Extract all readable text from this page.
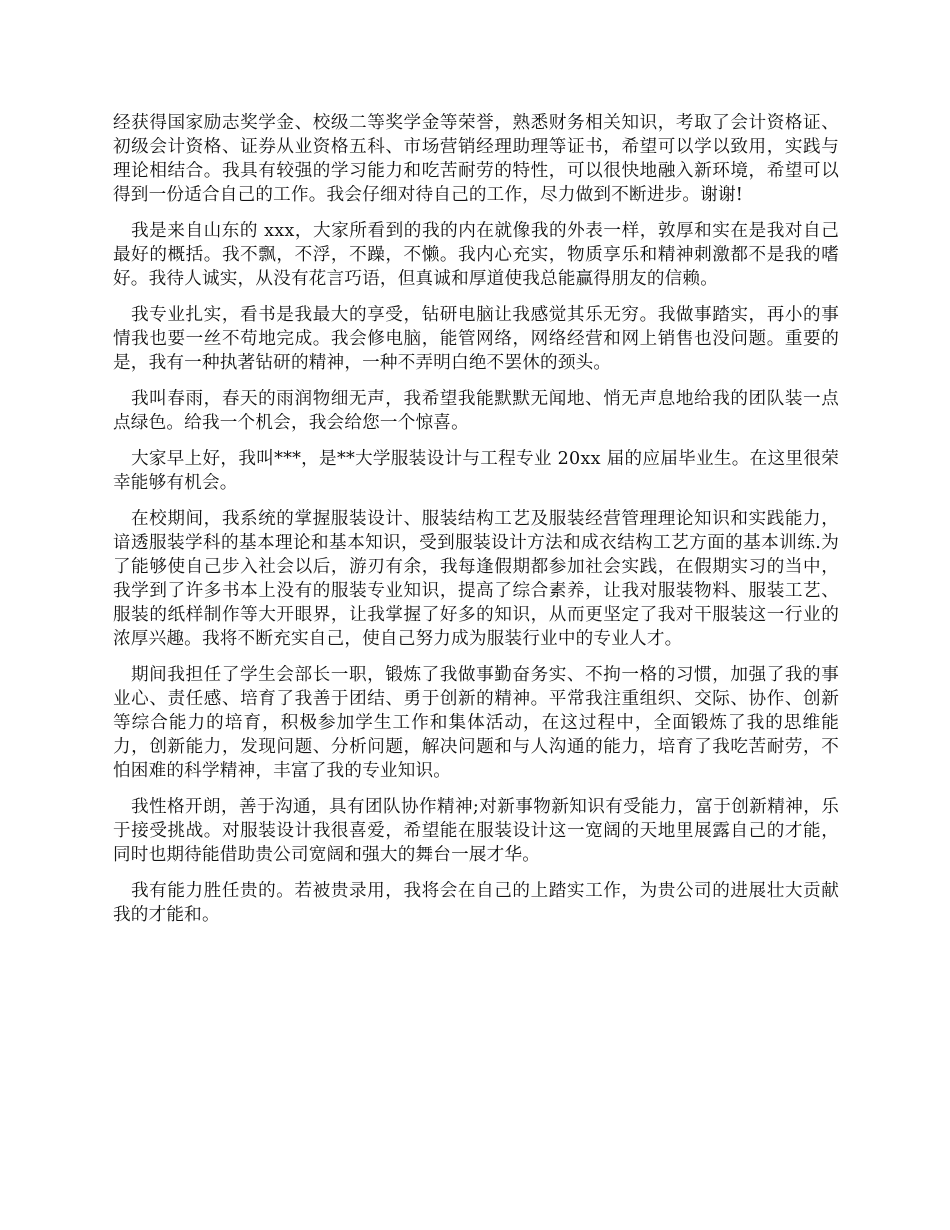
经获得国家励志奖学金、校级二等奖学金等荣誉，熟悉财务相关知识，考取了会计资格证、初级会计资格、证券从业资格五科、市场营销经理助理等证书，希望可以学以致用，实践与理论相结合。我具有较强的学习能力和吃苦耐劳的特性，可以很快地融入新环境，希望可以得到一份适合自己的工作。我会仔细对待自己的工作，尽力做到不断进步。谢谢!

我是来自山东的 xxx，大家所看到的我的内在就像我的外表一样，敦厚和实在是我对自己最好的概括。我不飘，不浮，不躁，不懒。我内心充实，物质享乐和精神刺激都不是我的嗜好。我待人诚实，从没有花言巧语，但真诚和厚道使我总能赢得朋友的信赖。

我专业扎实，看书是我最大的享受，钻研电脑让我感觉其乐无穷。我做事踏实，再小的事情我也要一丝不苟地完成。我会修电脑，能管网络，网络经营和网上销售也没问题。重要的是，我有一种执著钻研的精神，一种不弄明白绝不罢休的颈头。

我叫春雨，春天的雨润物细无声，我希望我能默默无闻地、悄无声息地给我的团队装一点点绿色。给我一个机会，我会给您一个惊喜。

大家早上好，我叫***，是**大学服装设计与工程专业 20xx 届的应届毕业生。在这里很荣幸能够有机会。

在校期间，我系统的掌握服装设计、服装结构工艺及服装经营管理理论知识和实践能力，谙透服装学科的基本理论和基本知识，受到服装设计方法和成衣结构工艺方面的基本训练.为了能够使自己步入社会以后，游刃有余，我每逢假期都参加社会实践，在假期实习的当中，我学到了许多书本上没有的服装专业知识，提高了综合素养，让我对服装物料、服装工艺、服装的纸样制作等大开眼界，让我掌握了好多的知识，从而更坚定了我对干服装这一行业的浓厚兴趣。我将不断充实自己，使自己努力成为服装行业中的专业人才。

期间我担任了学生会部长一职，锻炼了我做事勤奋务实、不拘一格的习惯，加强了我的事业心、责任感、培育了我善于团结、勇于创新的精神。平常我注重组织、交际、协作、创新等综合能力的培育，积极参加学生工作和集体活动，在这过程中，全面锻炼了我的思维能力，创新能力，发现问题、分析问题，解决问题和与人沟通的能力，培育了我吃苦耐劳，不怕困难的科学精神，丰富了我的专业知识。

我性格开朗，善于沟通，具有团队协作精神;对新事物新知识有受能力，富于创新精神，乐于接受挑战。对服装设计我很喜爱，希望能在服装设计这一宽阔的天地里展露自己的才能，同时也期待能借助贵公司宽阔和强大的舞台一展才华。

我有能力胜任贵的。若被贵录用，我将会在自己的上踏实工作，为贵公司的进展壮大贡献我的才能和。
